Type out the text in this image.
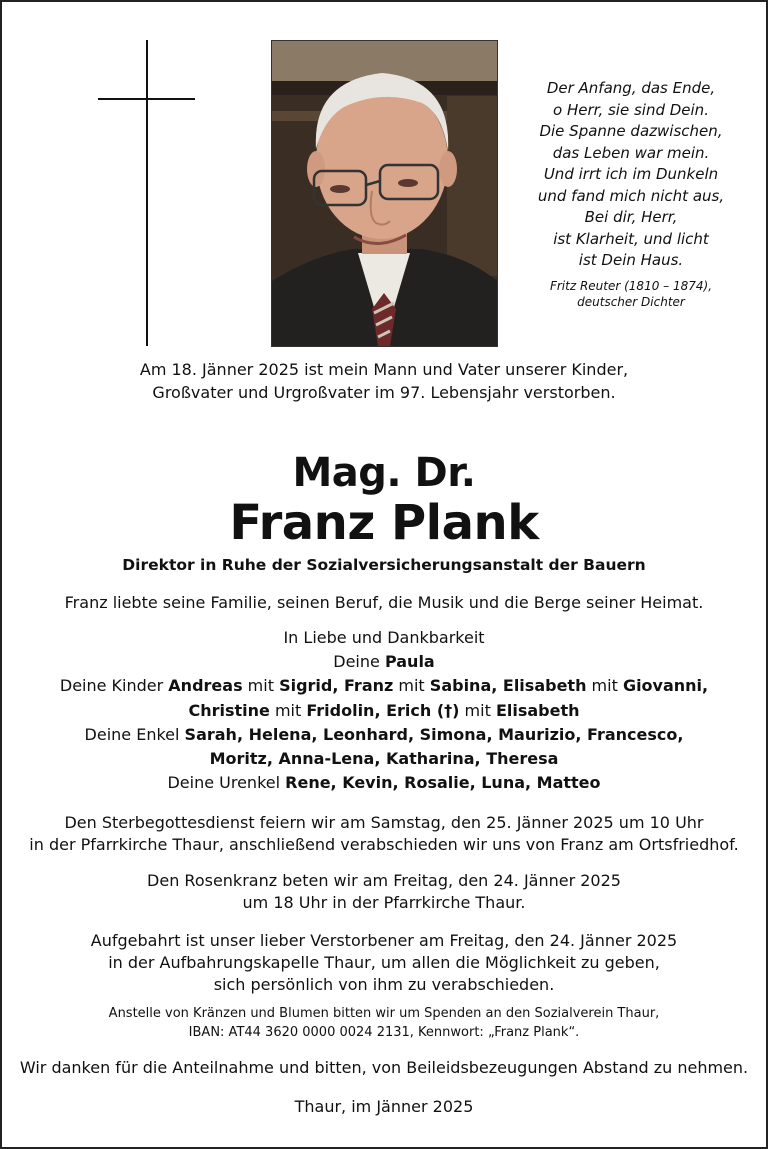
Der Anfang, das Ende,
o Herr, sie sind Dein.
Die Spanne dazwischen,
das Leben war mein.
Und irrt ich im Dunkeln
und fand mich nicht aus,
Bei dir, Herr,
ist Klarheit, und licht
ist Dein Haus.
Fritz Reuter (1810 – 1874),
deutscher Dichter
Am 18. Jänner 2025 ist mein Mann und Vater unserer Kinder,
Großvater und Urgroßvater im 97. Lebensjahr verstorben.
Mag. Dr.
Franz Plank
Direktor in Ruhe der Sozialversicherungsanstalt der Bauern
Franz liebte seine Familie, seinen Beruf, die Musik und die Berge seiner Heimat.
In Liebe und Dankbarkeit
Deine Paula
Deine Kinder Andreas mit Sigrid, Franz mit Sabina, Elisabeth mit Giovanni,
Christine mit Fridolin, Erich (†) mit Elisabeth
Deine Enkel Sarah, Helena, Leonhard, Simona, Maurizio, Francesco,
Moritz, Anna-Lena, Katharina, Theresa
Deine Urenkel Rene, Kevin, Rosalie, Luna, Matteo
Den Sterbegottesdienst feiern wir am Samstag, den 25. Jänner 2025 um 10 Uhr
in der Pfarrkirche Thaur, anschließend verabschieden wir uns von Franz am Ortsfriedhof.
Den Rosenkranz beten wir am Freitag, den 24. Jänner 2025
um 18 Uhr in der Pfarrkirche Thaur.
Aufgebahrt ist unser lieber Verstorbener am Freitag, den 24. Jänner 2025
in der Aufbahrungskapelle Thaur, um allen die Möglichkeit zu geben,
sich persönlich von ihm zu verabschieden.
Anstelle von Kränzen und Blumen bitten wir um Spenden an den Sozialverein Thaur,
IBAN: AT44 3620 0000 0024 2131, Kennwort: „Franz Plank“.
Wir danken für die Anteilnahme und bitten, von Beileidsbezeugungen Abstand zu nehmen.
Thaur, im Jänner 2025
